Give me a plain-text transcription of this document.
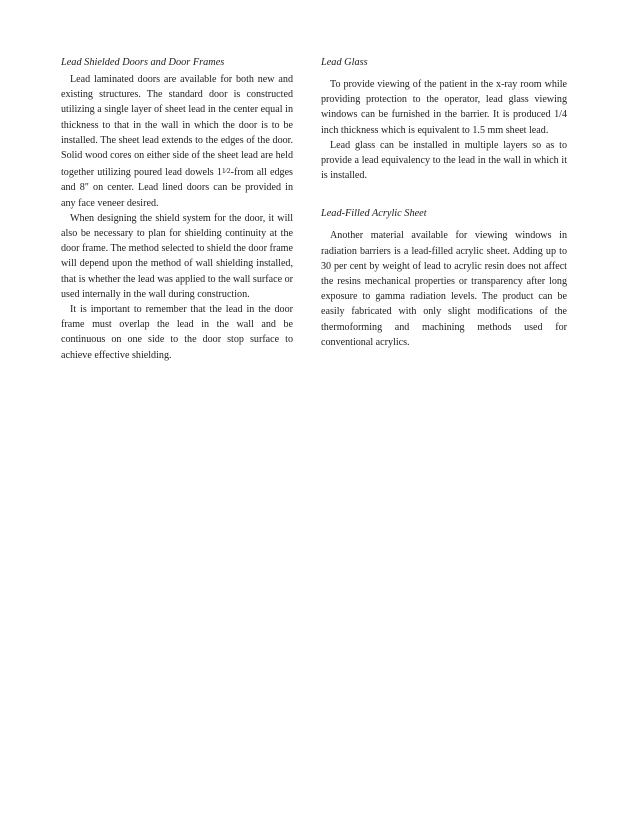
Lead Shielded Doors and Door Frames

Lead laminated doors are available for both new and existing structures. The standard door is constructed utilizing a single layer of sheet lead in the center equal in thickness to that in the wall in which the door is to be installed. The sheet lead extends to the edges of the door. Solid wood cores on either side of the sheet lead are held together utilizing poured lead dowels 11⁄2-from all edges and 8" on center. Lead lined doors can be provided in any face veneer desired.

When designing the shield system for the door, it will also be necessary to plan for shielding continuity at the door frame. The method selected to shield the door frame will depend upon the method of wall shielding installed, that is whether the lead was applied to the wall surface or used internally in the wall during construction.

It is important to remember that the lead in the door frame must overlap the lead in the wall and be continuous on one side to the door stop surface to achieve effective shielding.

Lead Glass

To provide viewing of the patient in the x-ray room while providing protection to the operator, lead glass viewing windows can be furnished in the barrier. It is produced 1/4 inch thickness which is equivalent to 1.5 mm sheet lead.

Lead glass can be installed in multiple layers so as to provide a lead equivalency to the lead in the wall in which it is installed.

Lead-Filled Acrylic Sheet

Another material available for viewing windows in radiation barriers is a lead-filled acrylic sheet. Adding up to 30 per cent by weight of lead to acrylic resin does not affect the resins mechanical properties or transparency after long exposure to gamma radiation levels. The product can be easily fabricated with only slight modifications of the thermoforming and machining methods used for conventional acrylics.
